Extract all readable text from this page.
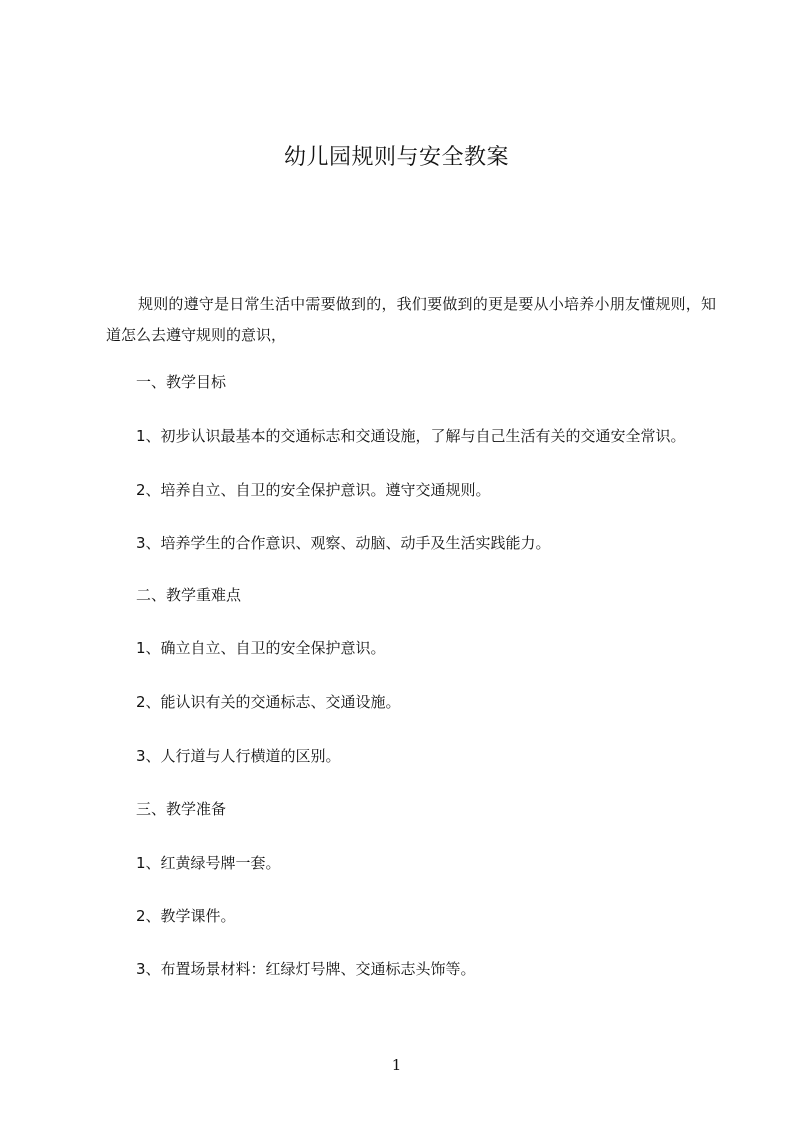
幼儿园规则与安全教案
规则的遵守是日常生活中需要做到的，我们要做到的更是要从小培养小朋友懂规则，知道怎么去遵守规则的意识，
一、教学目标
1、初步认识最基本的交通标志和交通设施，了解与自己生活有关的交通安全常识。
2、培养自立、自卫的安全保护意识。遵守交通规则。
3、培养学生的合作意识、观察、动脑、动手及生活实践能力。
二、教学重难点
1、确立自立、自卫的安全保护意识。
2、能认识有关的交通标志、交通设施。
3、人行道与人行横道的区别。
三、教学准备
1、红黄绿号牌一套。
2、教学课件。
3、布置场景材料：红绿灯号牌、交通标志头饰等。
1
